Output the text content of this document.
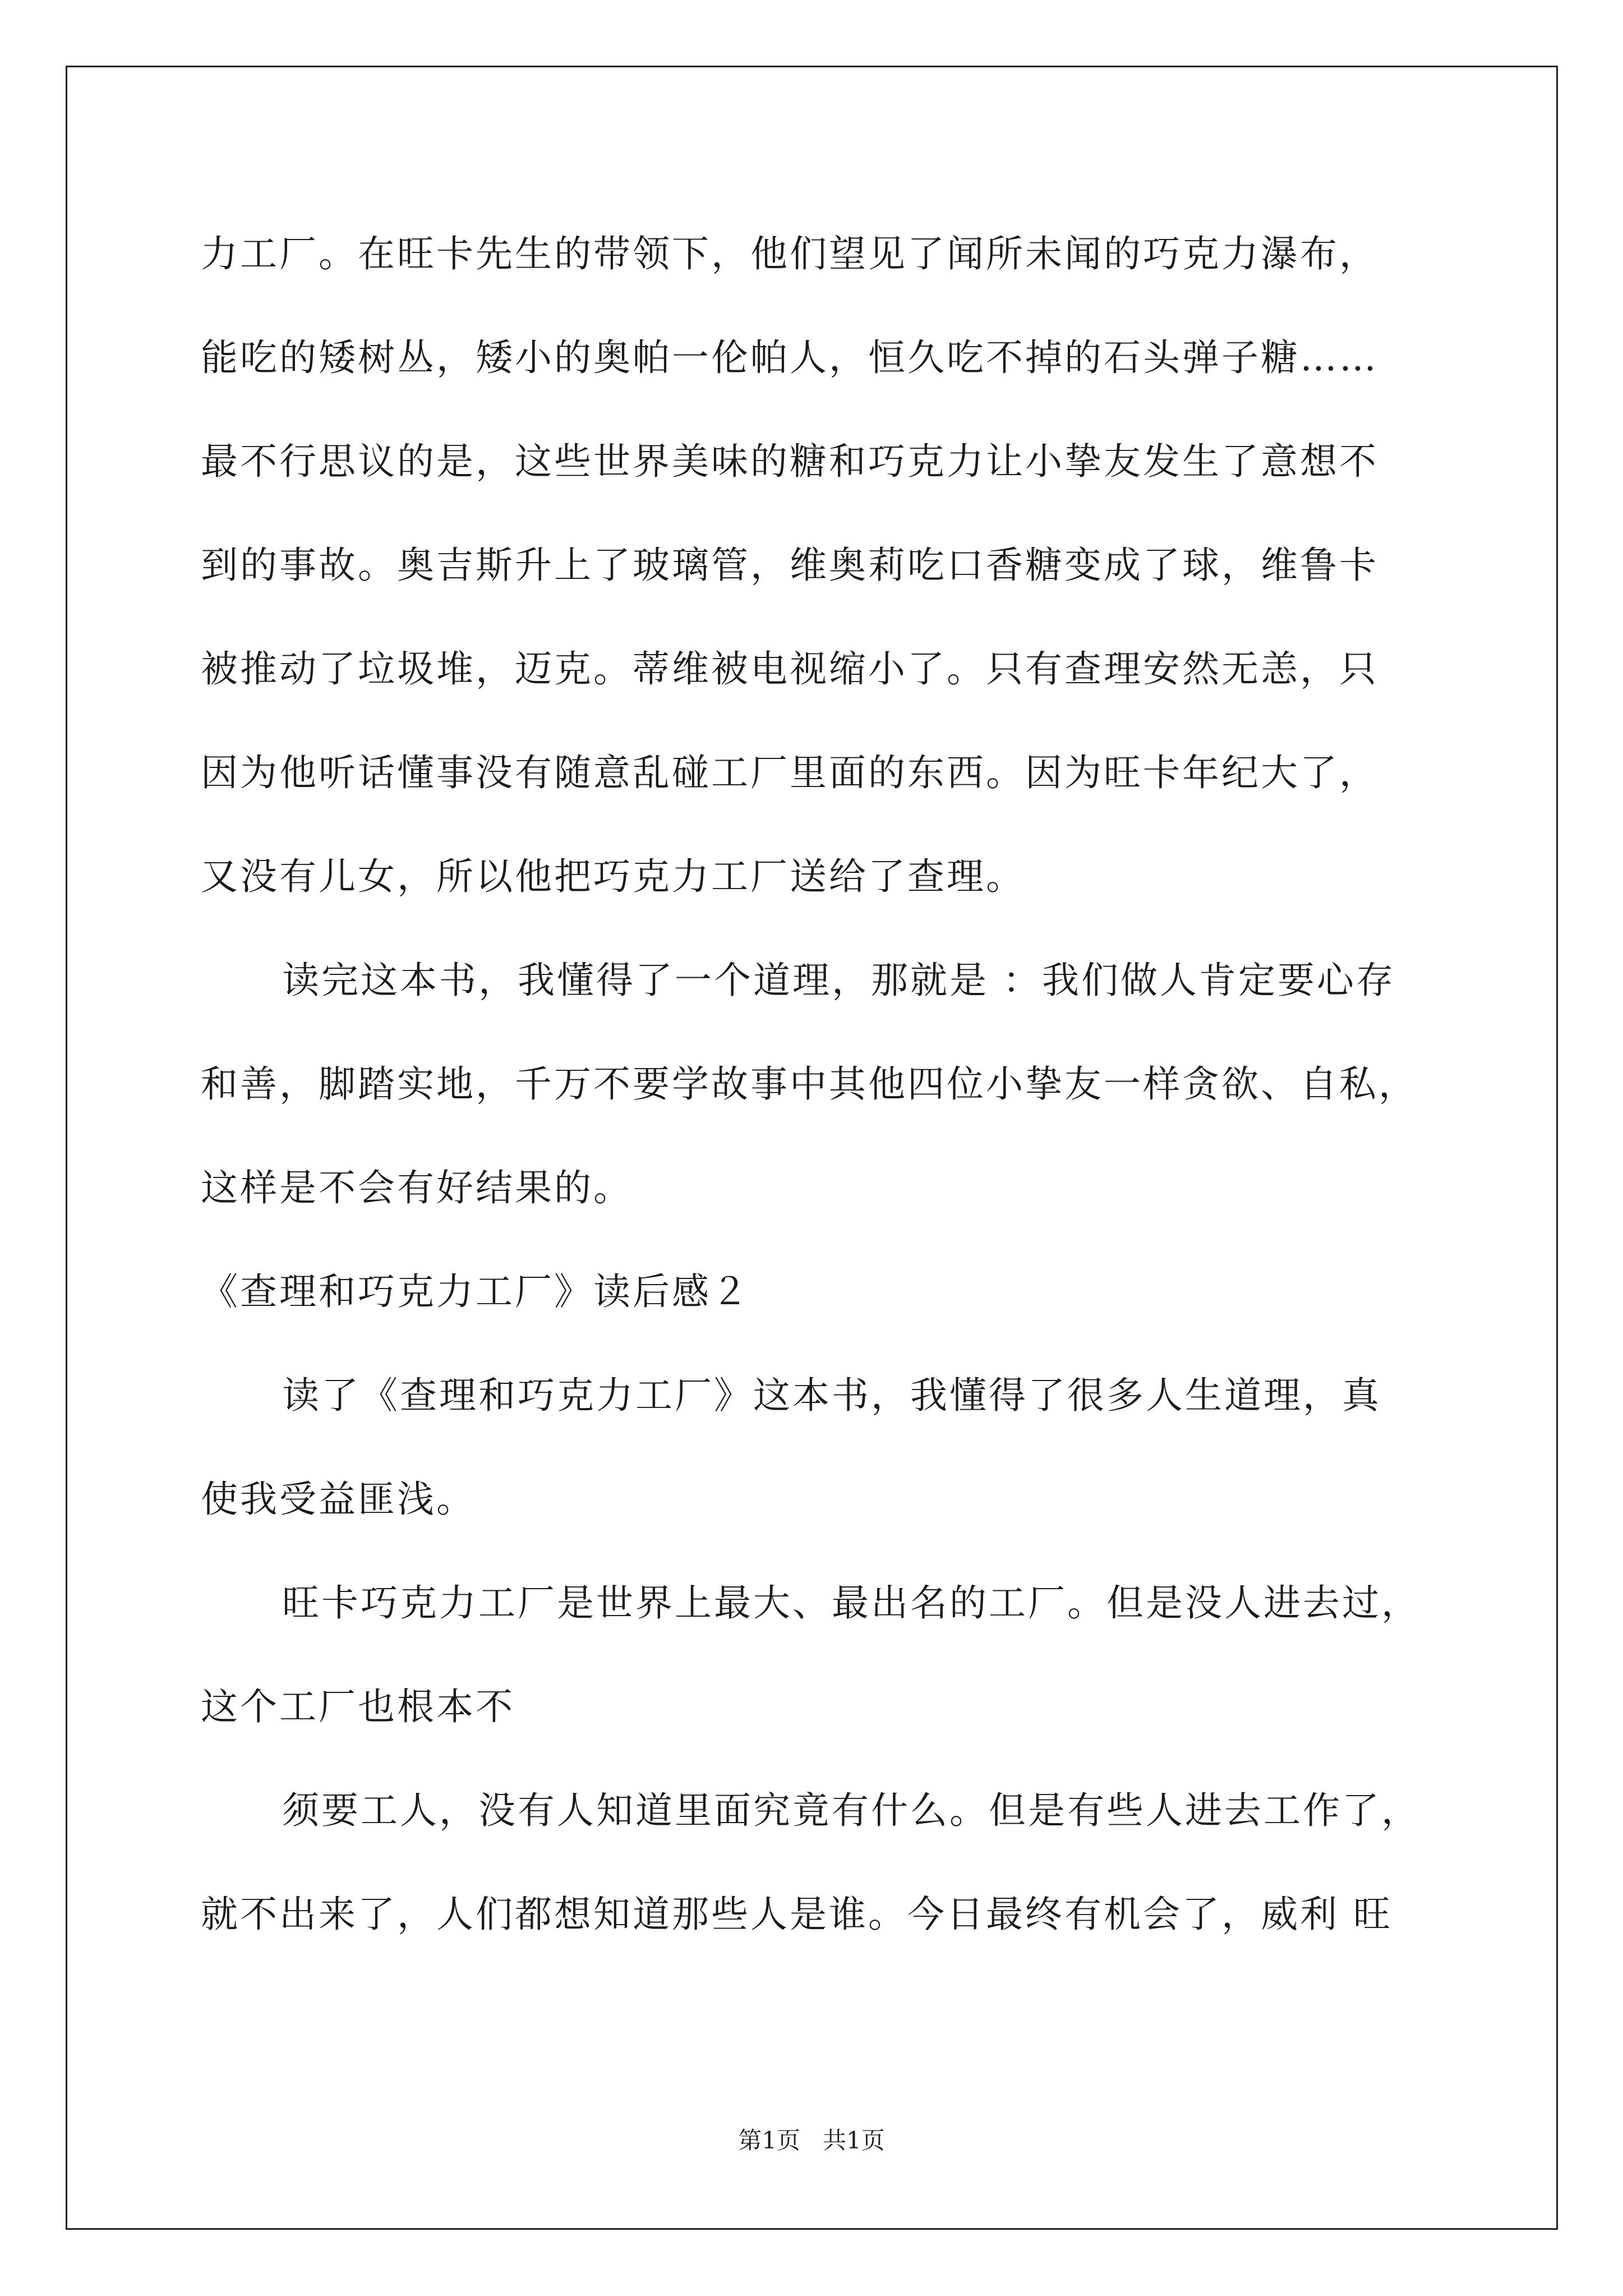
力工厂。在旺卡先生的带领下，他们望见了闻所未闻的巧克力瀑布，
能吃的矮树丛，矮小的奥帕一伦帕人，恒久吃不掉的石头弹子糖……
最不行思议的是，这些世界美味的糖和巧克力让小挚友发生了意想不
到的事故。奥吉斯升上了玻璃管，维奥莉吃口香糖变成了球，维鲁卡
被推动了垃圾堆，迈克。蒂维被电视缩小了。只有查理安然无恙，只
因为他听话懂事没有随意乱碰工厂里面的东西。因为旺卡年纪大了，
又没有儿女，所以他把巧克力工厂送给了查理。
读完这本书，我懂得了一个道理，那就是 ：我们做人肯定要心存
和善，脚踏实地，千万不要学故事中其他四位小挚友一样贪欲、自私，
这样是不会有好结果的。
《查理和巧克力工厂》读后感２
读了《查理和巧克力工厂》这本书，我懂得了很多人生道理，真
使我受益匪浅。
旺卡巧克力工厂是世界上最大、最出名的工厂。但是没人进去过，
这个工厂也根本不
须要工人，没有人知道里面究竟有什么。但是有些人进去工作了，
就不出来了，人们都想知道那些人是谁。今日最终有机会了，威利 旺
第1页   共1页
